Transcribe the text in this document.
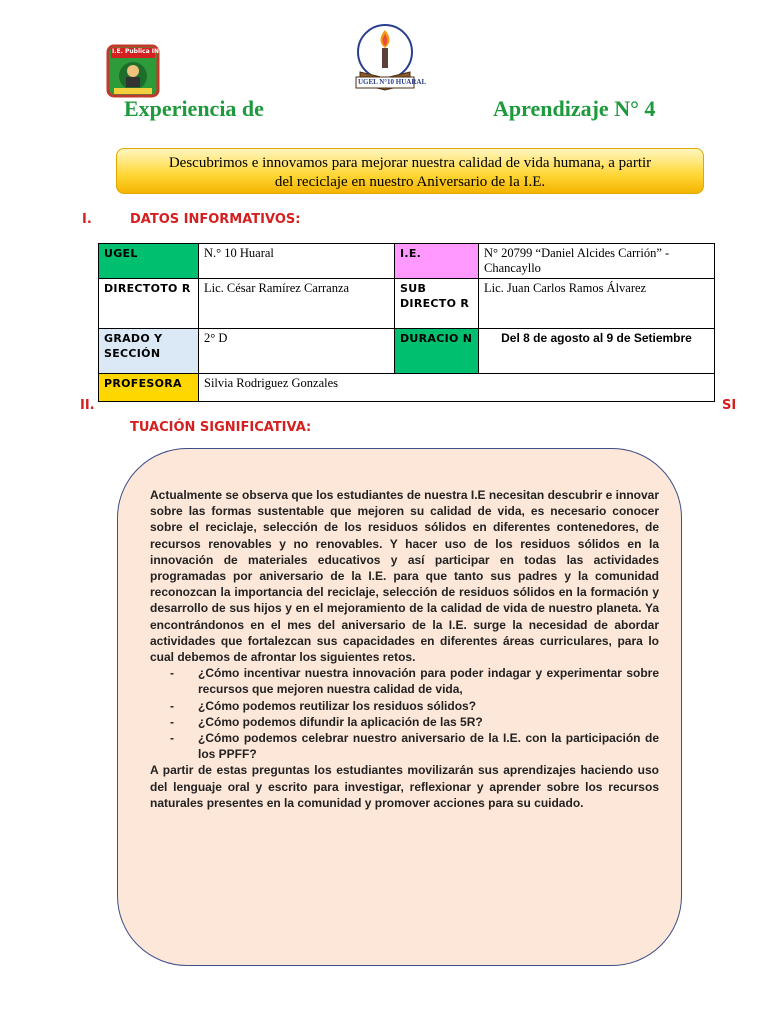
I.E. Publica INT
UGEL N°10 HUARAL
Experiencia de	Aprendizaje N° 4
Descubrimos e innovamos para mejorar nuestra calidad de vida humana, a partir
del reciclaje en nuestro Aniversario de la I.E.
I.	DATOS INFORMATIVOS:
UGEL	N.° 10 Huaral	I.E.	N° 20799 “Daniel Alcides Carrión” - Chancayllo
DIRECTOTO R	Lic. César Ramírez Carranza	SUB DIRECTO R	Lic. Juan Carlos Ramos Álvarez
GRADO Y SECCIÓN	2° D	DURACIO N	Del 8 de agosto al 9 de Setiembre
PROFESORA	Silvia Rodriguez Gonzales		
II.	SI
TUACIÓN SIGNIFICATIVA:

Actualmente se observa que los estudiantes de nuestra I.E necesitan descubrir e innovar sobre las formas sustentable que mejoren su calidad de vida, es necesario conocer sobre el reciclaje, selección de los residuos sólidos en diferentes contenedores, de recursos renovables y no renovables. Y hacer uso de los residuos sólidos en la innovación de materiales educativos y así participar en todas las actividades programadas por aniversario de la I.E. para que tanto sus padres y la comunidad reconozcan la importancia del reciclaje, selección de residuos sólidos en la formación y desarrollo de sus hijos y en el mejoramiento de la calidad de vida de nuestro planeta. Ya encontrándonos en el mes del aniversario de la I.E. surge la necesidad de abordar actividades que fortalezcan sus capacidades en diferentes áreas curriculares, para lo cual debemos de afrontar los siguientes retos.

- ¿Cómo incentivar nuestra innovación para poder indagar y experimentar sobre recursos que mejoren nuestra calidad de vida,
- ¿Cómo podemos reutilizar los residuos sólidos?
- ¿Cómo podemos difundir la aplicación de las 5R?
- ¿Cómo podemos celebrar nuestro aniversario de la I.E. con la participación de los PPFF?

A partir de estas preguntas los estudiantes movilizarán sus aprendizajes haciendo uso del lenguaje oral y escrito para investigar, reflexionar y aprender sobre los recursos naturales presentes en la comunidad y promover acciones para su cuidado.
